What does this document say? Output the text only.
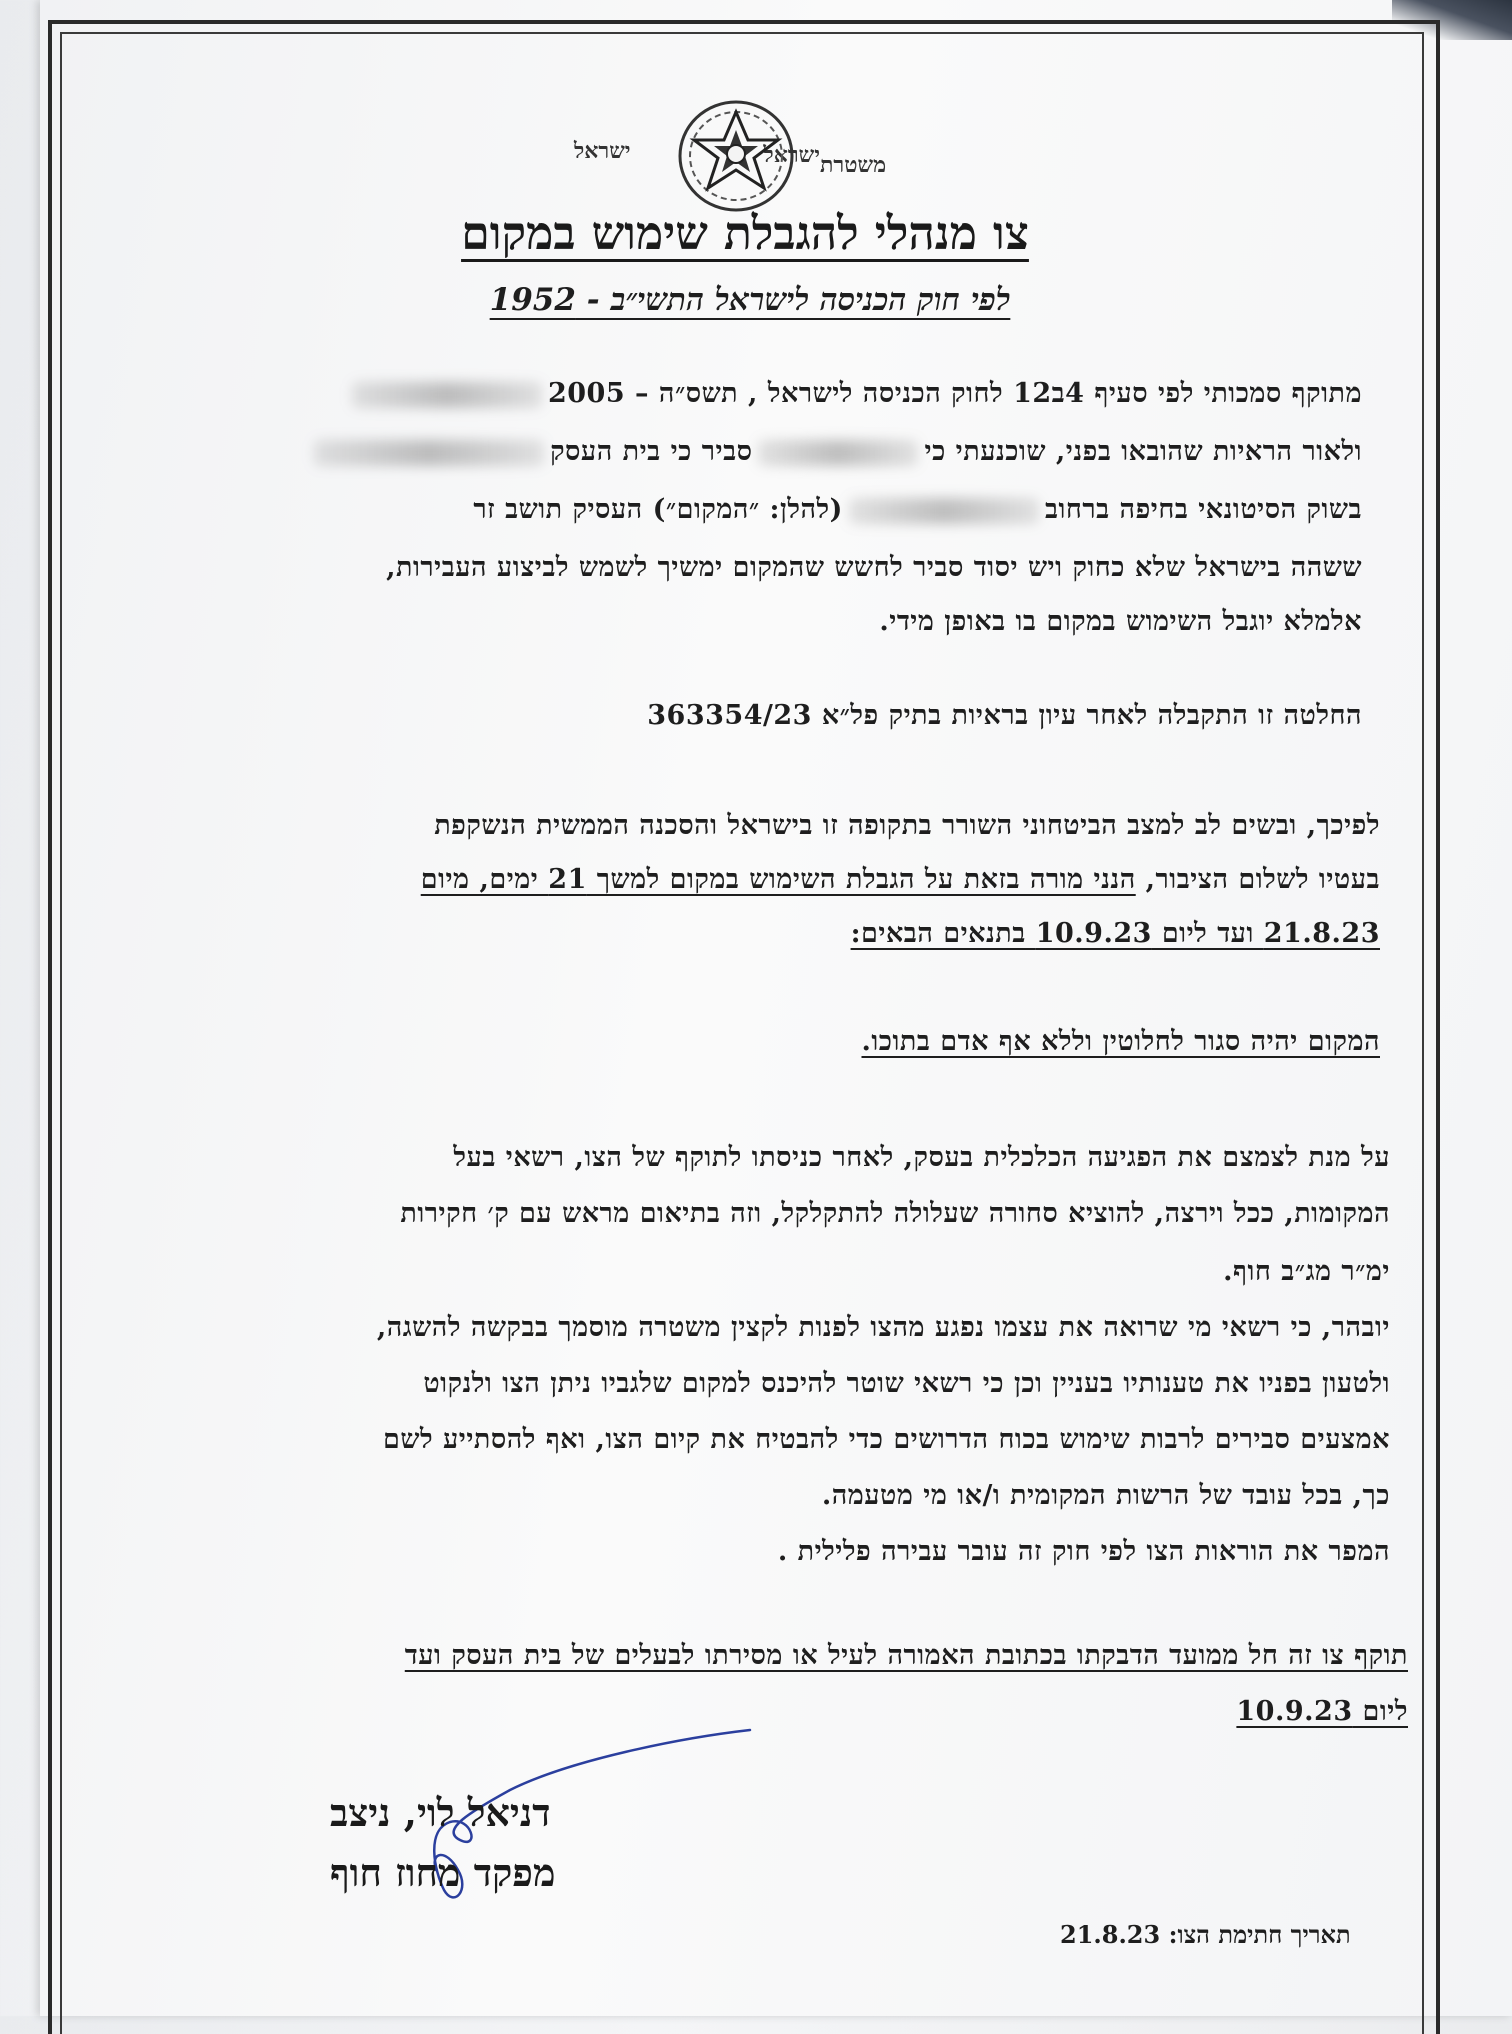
ישראל
ישראל
משטרת
צו מנהלי להגבלת שימוש במקום
לפי חוק הכניסה לישראל התשי״ב - 1952
מתוקף סמכותי לפי סעיף 4ב12 לחוק הכניסה לישראל , תשס״ה – 2005
ולאור הראיות שהובאו בפני, שוכנעתי כיסביר כי בית העסק
בשוק הסיטונאי בחיפה ברחוב(להלן: ״המקום״) העסיק תושב זר
ששהה בישראל שלא כחוק ויש יסוד סביר לחשש שהמקום ימשיך לשמש לביצוע העבירות,
אלמלא יוגבל השימוש במקום בו באופן מידי.
החלטה זו התקבלה לאחר עיון בראיות בתיק פל״א 363354/23
לפיכך, ובשים לב למצב הביטחוני השורר בתקופה זו בישראל והסכנה הממשית הנשקפת
בעטיו לשלום הציבור, הנני מורה בזאת על הגבלת השימוש במקום למשך 21 ימים, מיום
21.8.23 ועד ליום 10.9.23 בתנאים הבאים:
המקום יהיה סגור לחלוטין וללא אף אדם בתוכו.
על מנת לצמצם את הפגיעה הכלכלית בעסק, לאחר כניסתו לתוקף של הצו, רשאי בעל
המקומות, ככל וירצה, להוציא סחורה שעלולה להתקלקל, וזה בתיאום מראש עם ק׳ חקירות
ימ״ר מג״ב חוף.
יובהר, כי רשאי מי שרואה את עצמו נפגע מהצו לפנות לקצין משטרה מוסמך בבקשה להשגה,
ולטעון בפניו את טענותיו בעניין וכן כי רשאי שוטר להיכנס למקום שלגביו ניתן הצו ולנקוט
אמצעים סבירים לרבות שימוש בכוח הדרושים כדי להבטיח את קיום הצו, ואף להסתייע לשם
כך, בכל עובד של הרשות המקומית ו/או מי מטעמה.
המפר את הוראות הצו לפי חוק זה עובר עבירה פלילית .
תוקף צו זה חל ממועד הדבקתו בכתובת האמורה לעיל או מסירתו לבעלים של בית העסק ועד
ליום 10.9.23
דניאל לוי, ניצב
מפקד מחוז חוף
תאריך חתימת הצו: 21.8.23
